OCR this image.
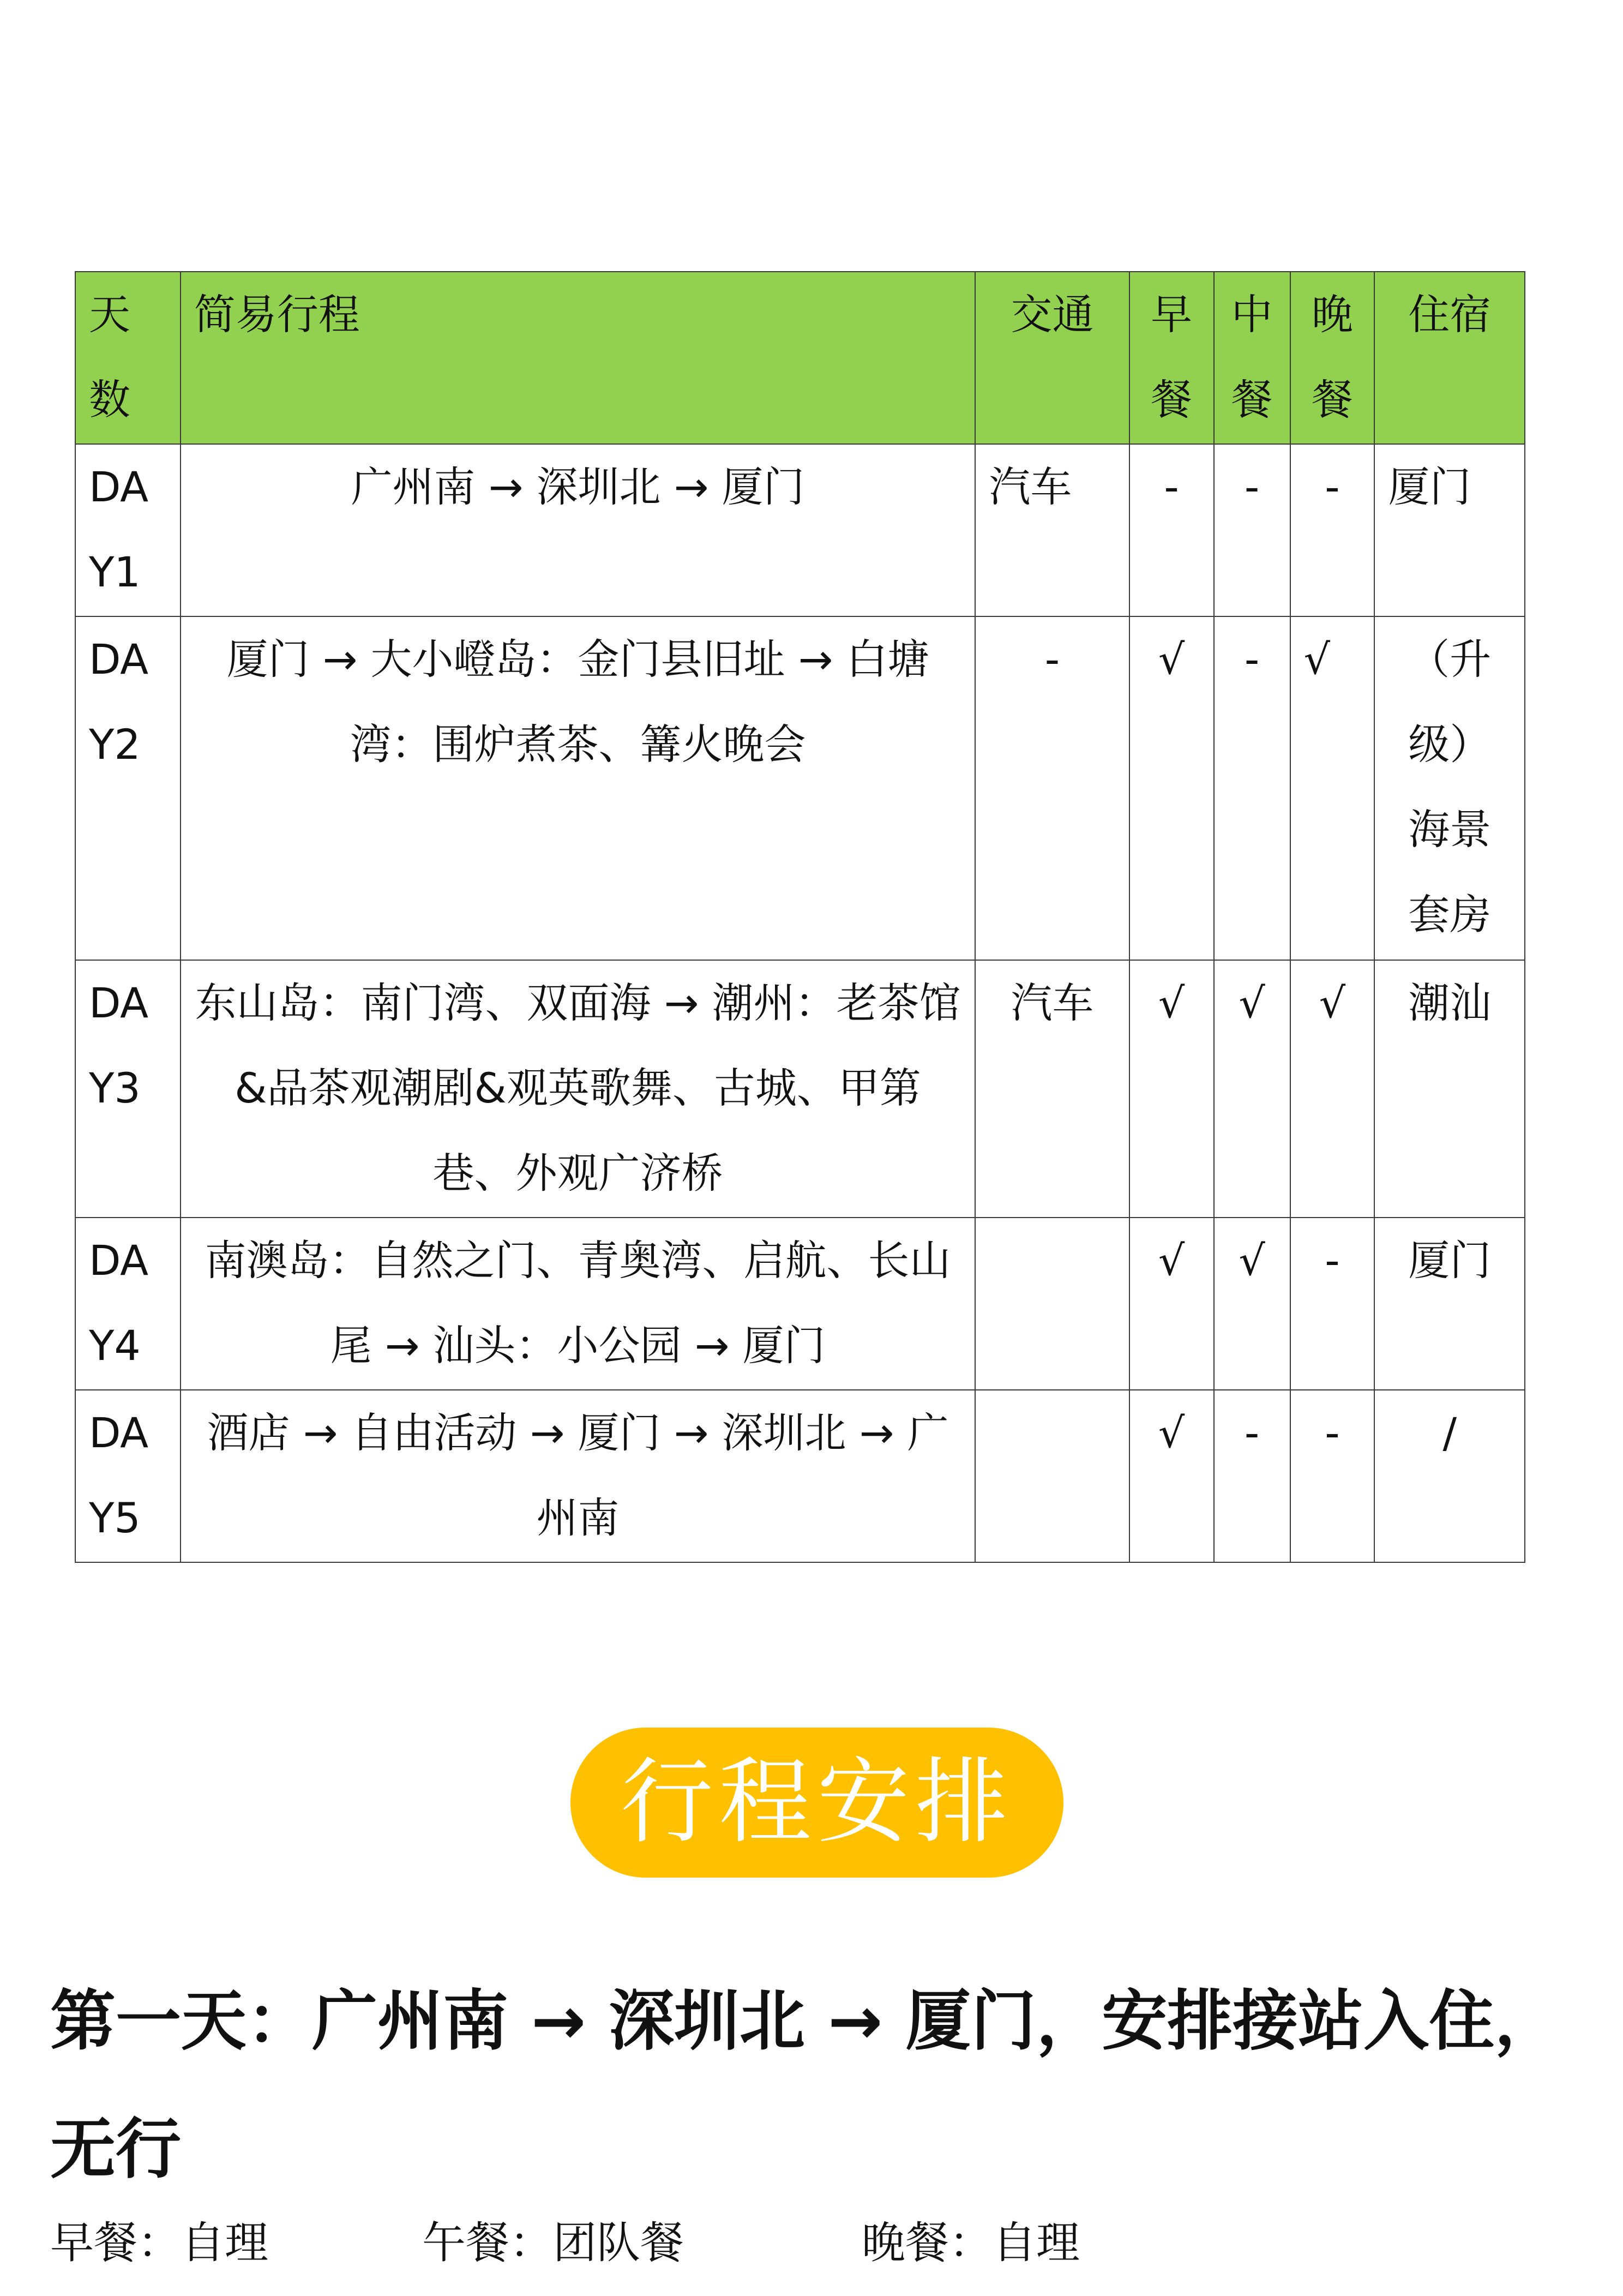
天数	简易行程	交通	早餐	中餐	晚餐	住宿
DAY1	广州南 → 深圳北 → 厦门	汽车	-	-	-	厦门
DAY2	厦门 → 大小嶝岛：金门县旧址 → 白塘湾：围炉煮茶、篝火晚会	-	√	-	√	（升级）海景套房
DAY3	东山岛：南门湾、双面海 → 潮州：老茶馆&品茶观潮剧&观英歌舞、古城、甲第巷、外观广济桥	汽车	√	√	√	潮汕
DAY4	南澳岛：自然之门、青奥湾、启航、长山尾 → 汕头：小公园 → 厦门		√	√	-	厦门
DAY5	酒店 → 自由活动 → 厦门 → 深圳北 → 广州南		√	-	-	/
行程安排
第一天：广州南 → 深圳北 → 厦门，安排接站入住，无行
早餐：自理	午餐：团队餐	晚餐：自理
